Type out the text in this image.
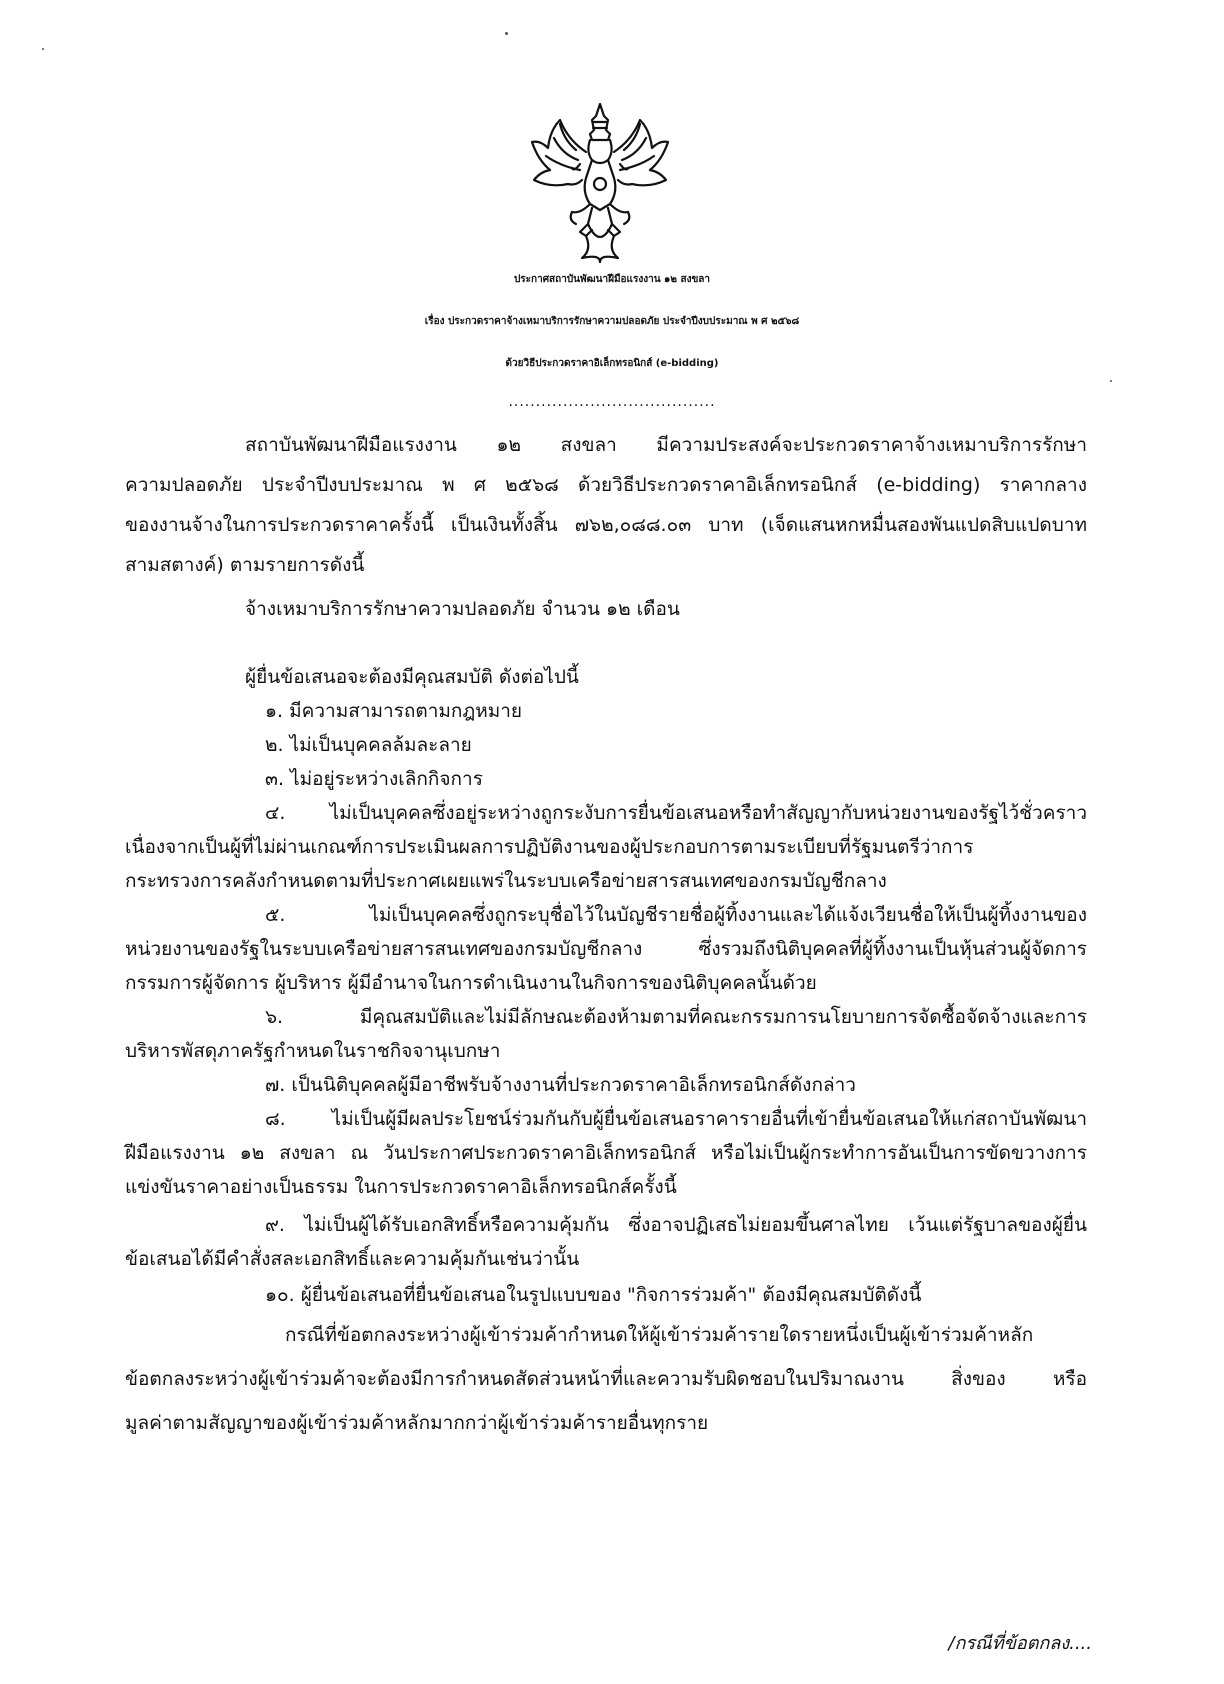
ประกาศสถาบันพัฒนาฝีมือแรงงาน ๑๒ สงขลา
เรื่อง ประกวดราคาจ้างเหมาบริการรักษาความปลอดภัย ประจำปีงบประมาณ พ ศ ๒๕๖๘
ด้วยวิธีประกวดราคาอิเล็กทรอนิกส์ (e-bidding)
......................................
สถาบันพัฒนาฝีมือแรงงาน ๑๒ สงขลา มีความประสงค์จะประกวดราคาจ้างเหมาบริการรักษา
ความปลอดภัย ประจำปีงบประมาณ พ ศ ๒๕๖๘ ด้วยวิธีประกวดราคาอิเล็กทรอนิกส์ (e-bidding) ราคากลาง
ของงานจ้างในการประกวดราคาครั้งนี้ เป็นเงินทั้งสิ้น ๗๖๒,๐๘๘.๐๓ บาท (เจ็ดแสนหกหมื่นสองพันแปดสิบแปดบาท
สามสตางค์) ตามรายการดังนี้
จ้างเหมาบริการรักษาความปลอดภัย จำนวน ๑๒ เดือน
ผู้ยื่นข้อเสนอจะต้องมีคุณสมบัติ ดังต่อไปนี้
๑. มีความสามารถตามกฎหมาย
๒. ไม่เป็นบุคคลล้มละลาย
๓. ไม่อยู่ระหว่างเลิกกิจการ
๔. ไม่เป็นบุคคลซึ่งอยู่ระหว่างถูกระงับการยื่นข้อเสนอหรือทำสัญญากับหน่วยงานของรัฐไว้ชั่วคราว
เนื่องจากเป็นผู้ที่ไม่ผ่านเกณฑ์การประเมินผลการปฏิบัติงานของผู้ประกอบการตามระเบียบที่รัฐมนตรีว่าการ
กระทรวงการคลังกำหนดตามที่ประกาศเผยแพร่ในระบบเครือข่ายสารสนเทศของกรมบัญชีกลาง
๕. ไม่เป็นบุคคลซึ่งถูกระบุชื่อไว้ในบัญชีรายชื่อผู้ทิ้งงานและได้แจ้งเวียนชื่อให้เป็นผู้ทิ้งงานของ
หน่วยงานของรัฐในระบบเครือข่ายสารสนเทศของกรมบัญชีกลาง ซึ่งรวมถึงนิติบุคคลที่ผู้ทิ้งงานเป็นหุ้นส่วนผู้จัดการ
กรรมการผู้จัดการ ผู้บริหาร ผู้มีอำนาจในการดำเนินงานในกิจการของนิติบุคคลนั้นด้วย
๖. มีคุณสมบัติและไม่มีลักษณะต้องห้ามตามที่คณะกรรมการนโยบายการจัดซื้อจัดจ้างและการ
บริหารพัสดุภาครัฐกำหนดในราชกิจจานุเบกษา
๗. เป็นนิติบุคคลผู้มีอาชีพรับจ้างงานที่ประกวดราคาอิเล็กทรอนิกส์ดังกล่าว
๘. ไม่เป็นผู้มีผลประโยชน์ร่วมกันกับผู้ยื่นข้อเสนอราคารายอื่นที่เข้ายื่นข้อเสนอให้แก่สถาบันพัฒนา
ฝีมือแรงงาน ๑๒ สงขลา ณ วันประกาศประกวดราคาอิเล็กทรอนิกส์ หรือไม่เป็นผู้กระทำการอันเป็นการขัดขวางการ
แข่งขันราคาอย่างเป็นธรรม ในการประกวดราคาอิเล็กทรอนิกส์ครั้งนี้
๙. ไม่เป็นผู้ได้รับเอกสิทธิ์หรือความคุ้มกัน ซึ่งอาจปฏิเสธไม่ยอมขึ้นศาลไทย เว้นแต่รัฐบาลของผู้ยื่น
ข้อเสนอได้มีคำสั่งสละเอกสิทธิ์และความคุ้มกันเช่นว่านั้น
๑๐. ผู้ยื่นข้อเสนอที่ยื่นข้อเสนอในรูปแบบของ "กิจการร่วมค้า" ต้องมีคุณสมบัติดังนี้
กรณีที่ข้อตกลงระหว่างผู้เข้าร่วมค้ากำหนดให้ผู้เข้าร่วมค้ารายใดรายหนึ่งเป็นผู้เข้าร่วมค้าหลัก
ข้อตกลงระหว่างผู้เข้าร่วมค้าจะต้องมีการกำหนดสัดส่วนหน้าที่และความรับผิดชอบในปริมาณงาน สิ่งของ หรือ
มูลค่าตามสัญญาของผู้เข้าร่วมค้าหลักมากกว่าผู้เข้าร่วมค้ารายอื่นทุกราย
/กรณีที่ข้อตกลง....
